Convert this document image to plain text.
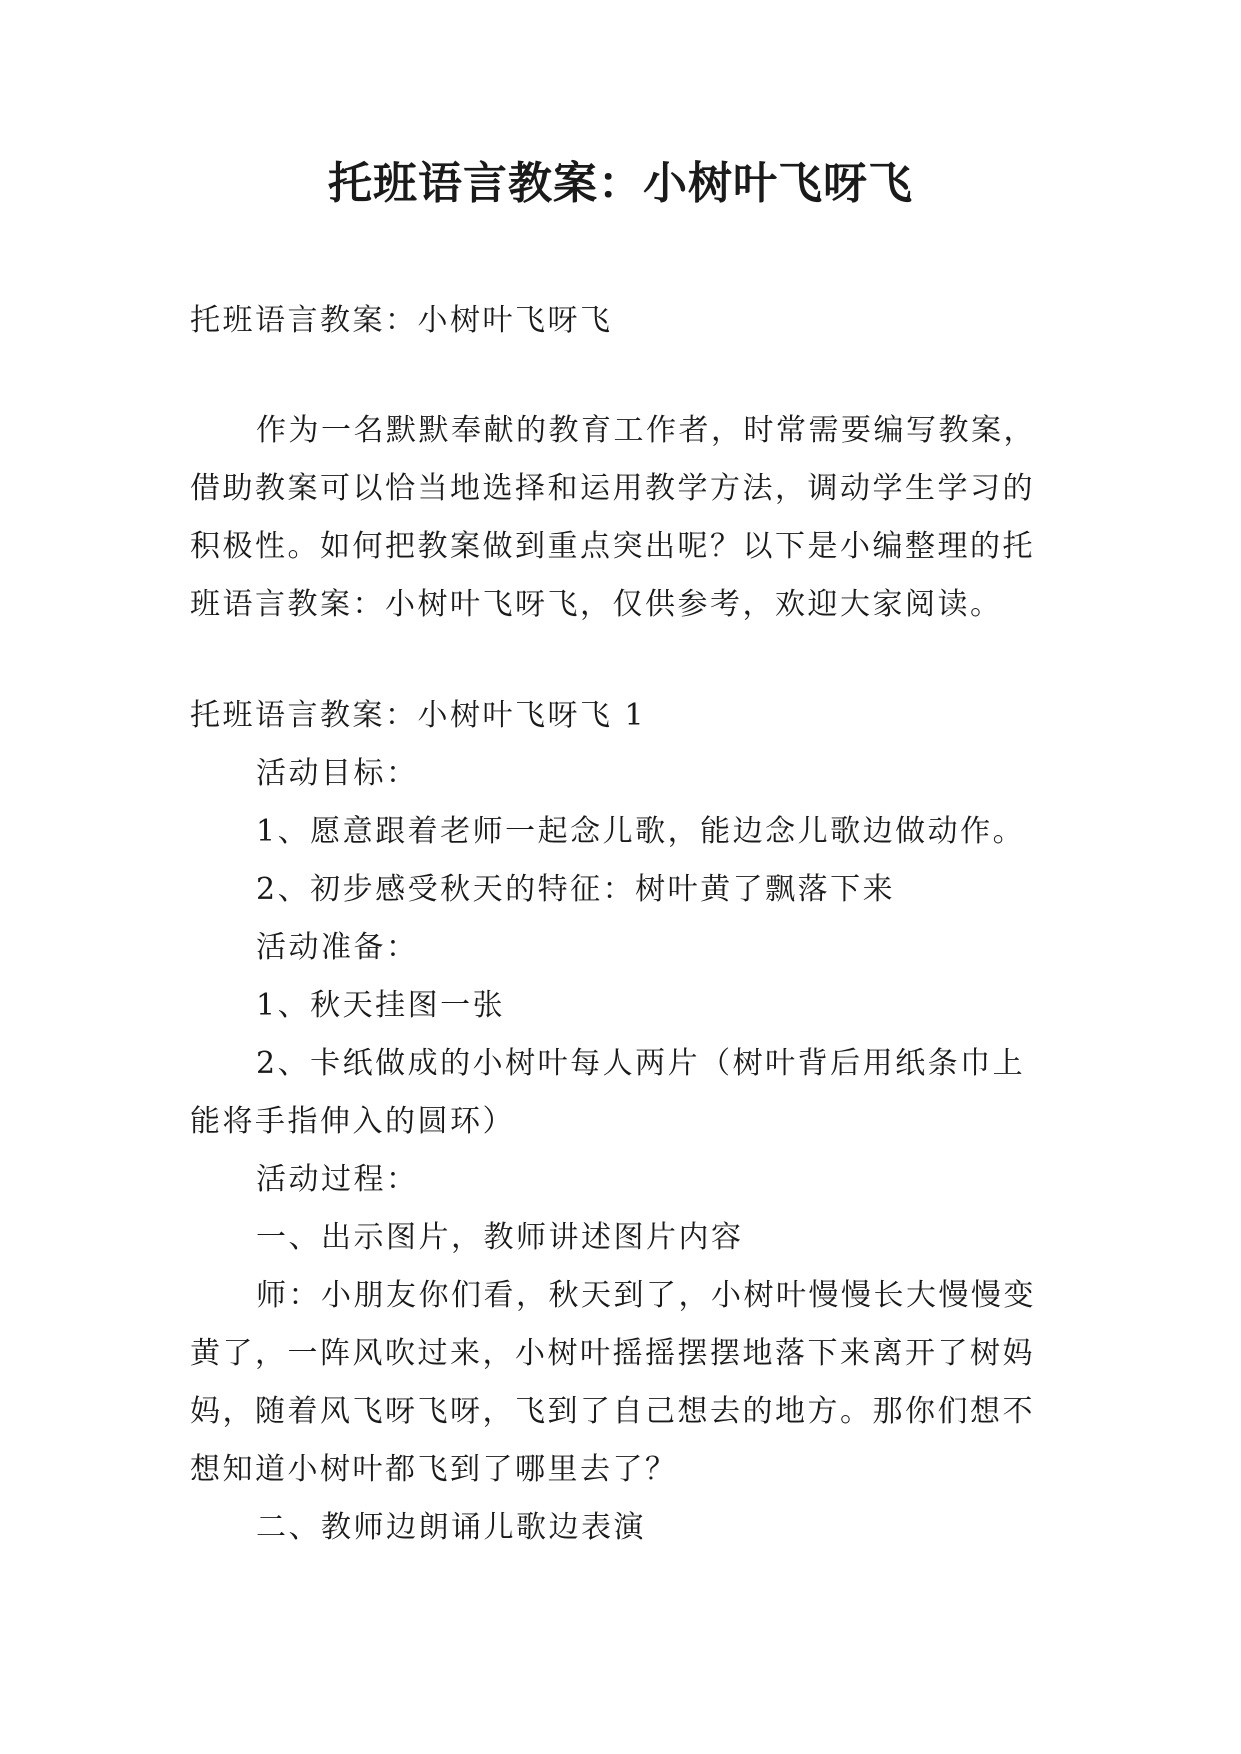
托班语言教案：小树叶飞呀飞
托班语言教案：小树叶飞呀飞
作为一名默默奉献的教育工作者，时常需要编写教案，
借助教案可以恰当地选择和运用教学方法，调动学生学习的
积极性。如何把教案做到重点突出呢？以下是小编整理的托
班语言教案：小树叶飞呀飞，仅供参考，欢迎大家阅读。
托班语言教案：小树叶飞呀飞 1
活动目标：
1、愿意跟着老师一起念儿歌，能边念儿歌边做动作。
2、初步感受秋天的特征：树叶黄了飘落下来
活动准备：
1、秋天挂图一张
2、卡纸做成的小树叶每人两片（树叶背后用纸条巾上
能将手指伸入的圆环）
活动过程：
一、出示图片，教师讲述图片内容
师：小朋友你们看，秋天到了，小树叶慢慢长大慢慢变
黄了，一阵风吹过来，小树叶摇摇摆摆地落下来离开了树妈
妈，随着风飞呀飞呀，飞到了自己想去的地方。那你们想不
想知道小树叶都飞到了哪里去了？
二、教师边朗诵儿歌边表演
